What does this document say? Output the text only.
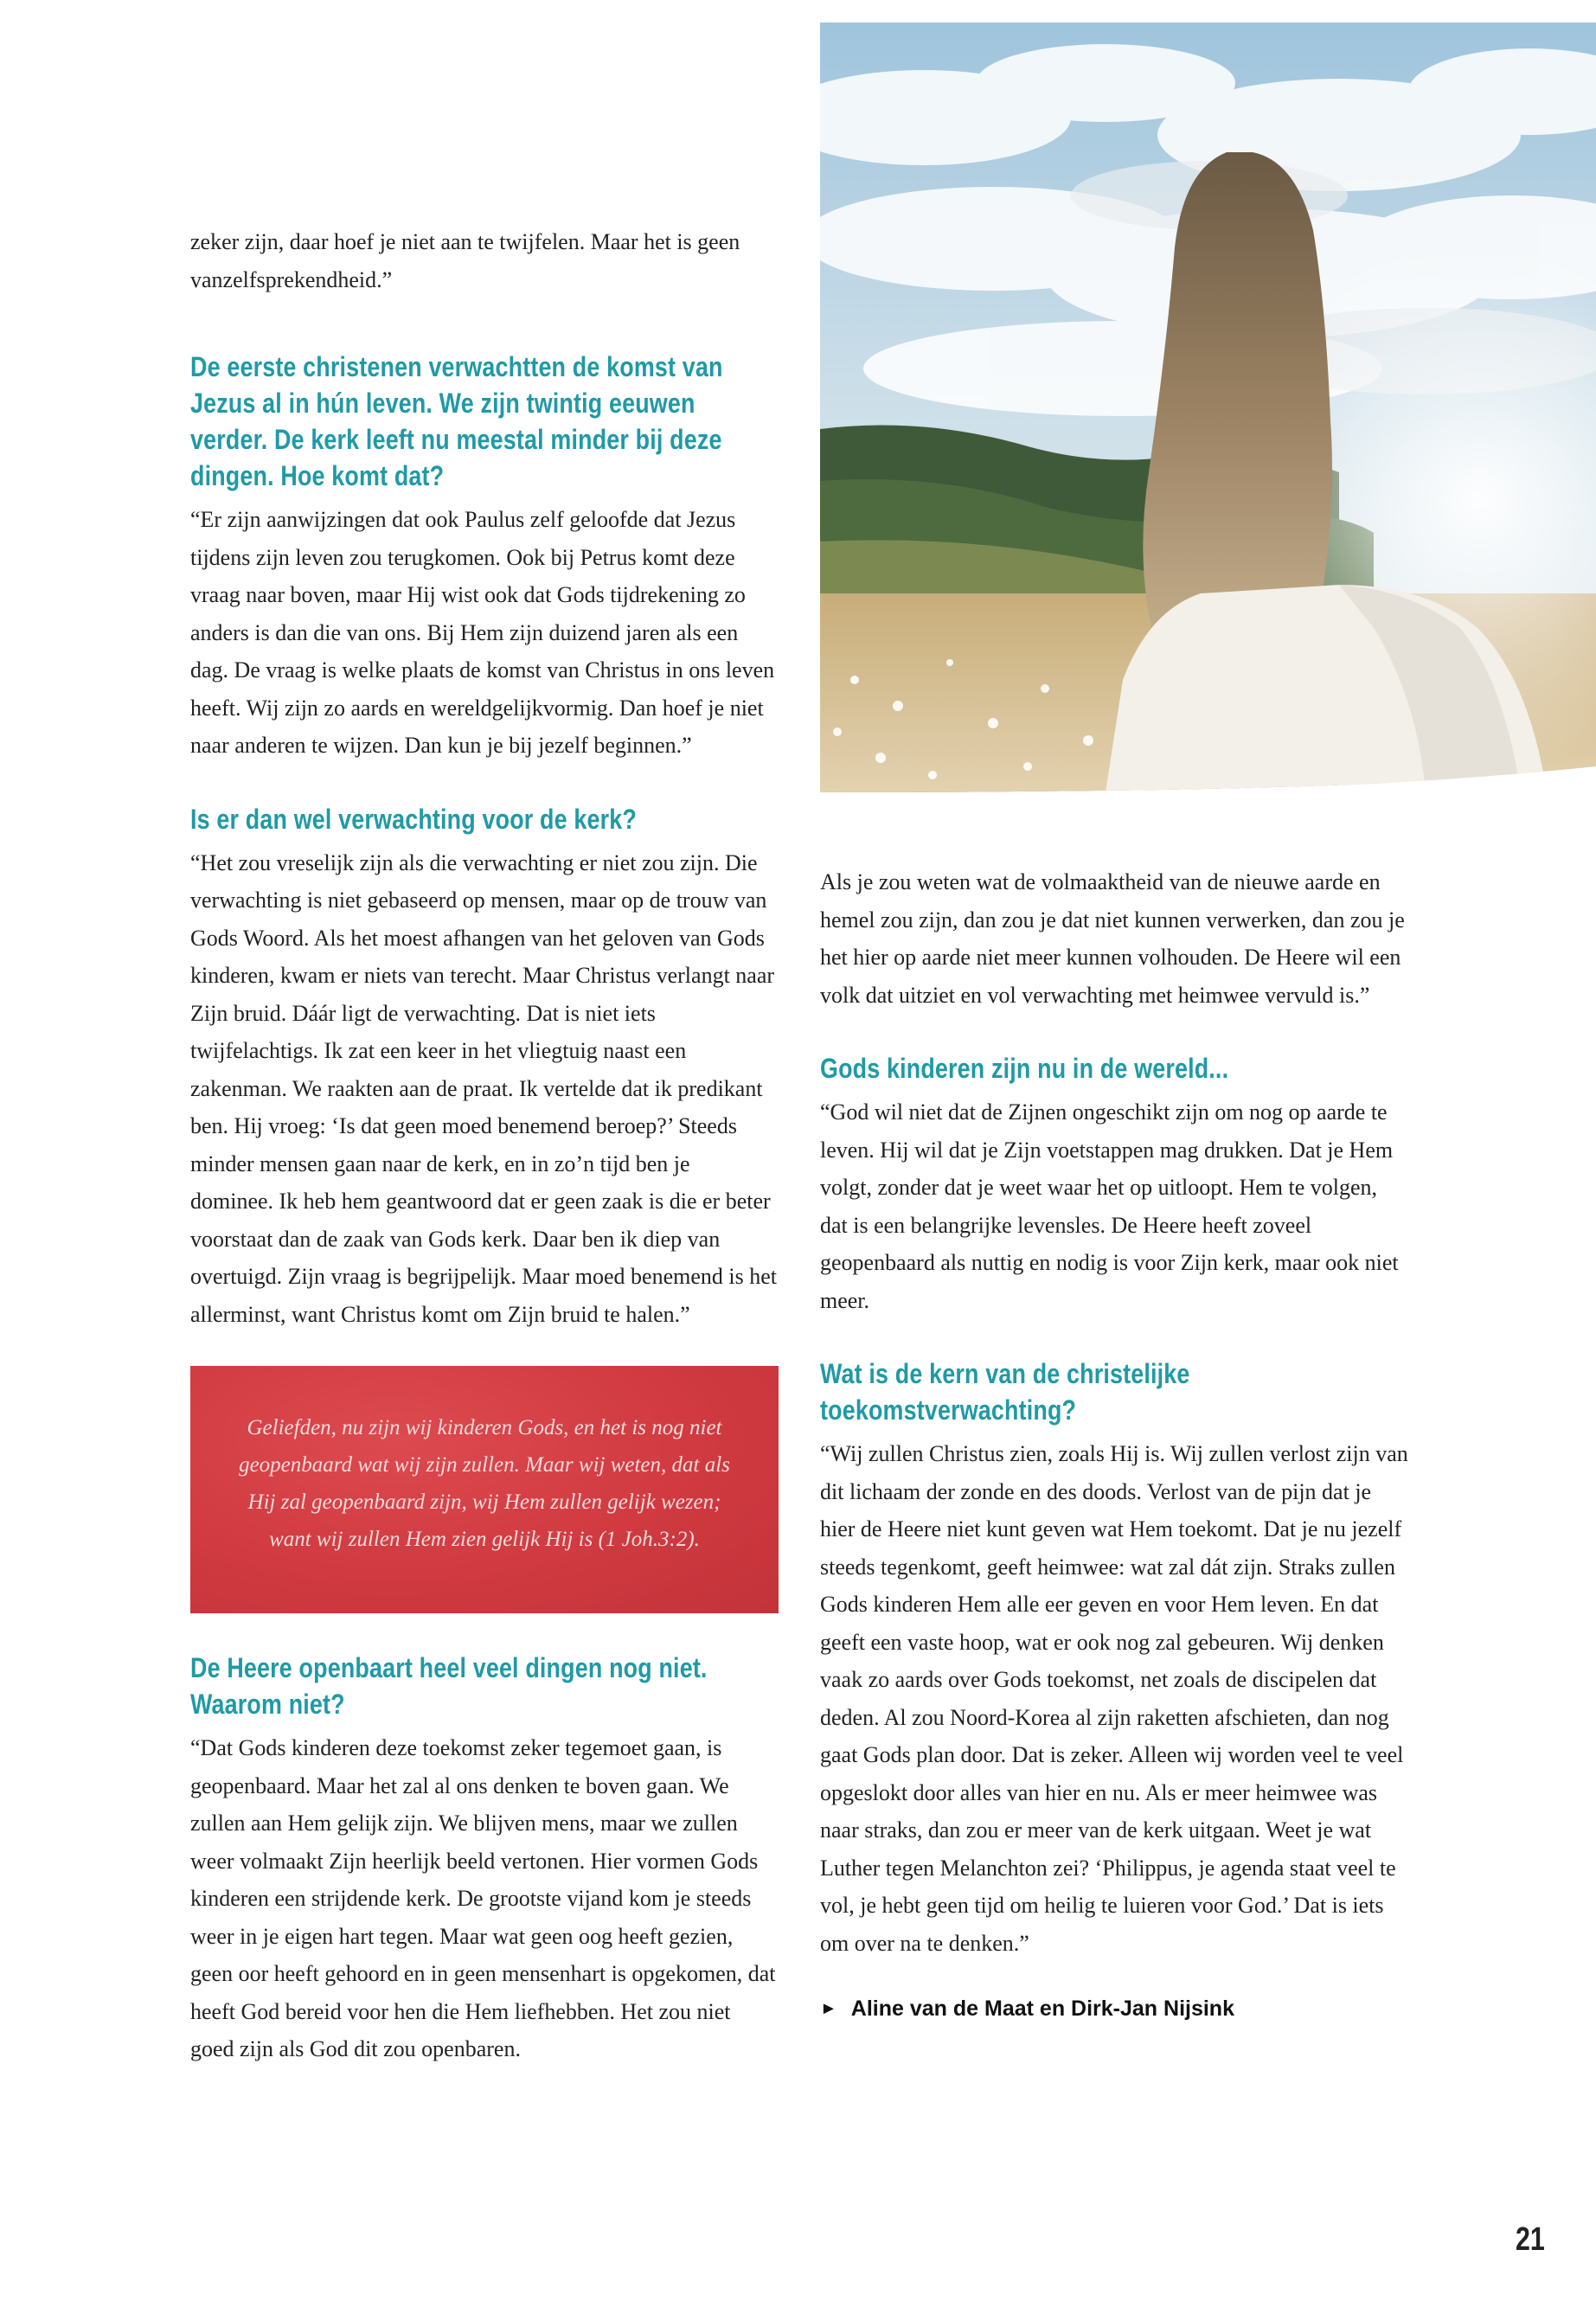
zeker zijn, daar hoef je niet aan te twijfelen. Maar het is geen vanzelfsprekendheid.”

De eerste christenen verwachtten de komst van Jezus al in hún leven. We zijn twintig eeuwen verder. De kerk leeft nu meestal minder bij deze dingen. Hoe komt dat?

“Er zijn aanwijzingen dat ook Paulus zelf geloofde dat Jezus tijdens zijn leven zou terugkomen. Ook bij Petrus komt deze vraag naar boven, maar Hij wist ook dat Gods tijdrekening zo anders is dan die van ons. Bij Hem zijn duizend jaren als een dag. De vraag is welke plaats de komst van Christus in ons leven heeft. Wij zijn zo aards en wereldgelijkvormig. Dan hoef je niet naar anderen te wijzen. Dan kun je bij jezelf beginnen.”

Is er dan wel verwachting voor de kerk?

“Het zou vreselijk zijn als die verwachting er niet zou zijn. Die verwachting is niet gebaseerd op mensen, maar op de trouw van Gods Woord. Als het moest afhangen van het geloven van Gods kinderen, kwam er niets van terecht. Maar Christus verlangt naar Zijn bruid. Dáár ligt de verwachting. Dat is niet iets twijfelachtigs. Ik zat een keer in het vliegtuig naast een zakenman. We raakten aan de praat. Ik vertelde dat ik predikant ben. Hij vroeg: ‘Is dat geen moed benemend beroep?’ Steeds minder mensen gaan naar de kerk, en in zo’n tijd ben je dominee. Ik heb hem geantwoord dat er geen zaak is die er beter voorstaat dan de zaak van Gods kerk. Daar ben ik diep van overtuigd. Zijn vraag is begrijpelijk. Maar moed benemend is het allerminst, want Christus komt om Zijn bruid te halen.”

Geliefden, nu zijn wij kinderen Gods, en het is nog niet geopenbaard wat wij zijn zullen. Maar wij weten, dat als Hij zal geopenbaard zijn, wij Hem zullen gelijk wezen; want wij zullen Hem zien gelijk Hij is (1 Joh.3:2).

De Heere openbaart heel veel dingen nog niet. Waarom niet?

“Dat Gods kinderen deze toekomst zeker tegemoet gaan, is geopenbaard. Maar het zal al ons denken te boven gaan. We zullen aan Hem gelijk zijn. We blijven mens, maar we zullen weer volmaakt Zijn heerlijk beeld vertonen. Hier vormen Gods kinderen een strijdende kerk. De grootste vijand kom je steeds weer in je eigen hart tegen. Maar wat geen oog heeft gezien, geen oor heeft gehoord en in geen mensenhart is opgekomen, dat heeft God bereid voor hen die Hem liefhebben. Het zou niet goed zijn als God dit zou openbaren.

Als je zou weten wat de volmaaktheid van de nieuwe aarde en hemel zou zijn, dan zou je dat niet kunnen verwerken, dan zou je het hier op aarde niet meer kunnen volhouden. De Heere wil een volk dat uitziet en vol verwachting met heimwee vervuld is.”

Gods kinderen zijn nu in de wereld...

“God wil niet dat de Zijnen ongeschikt zijn om nog op aarde te leven. Hij wil dat je Zijn voetstappen mag drukken. Dat je Hem volgt, zonder dat je weet waar het op uitloopt. Hem te volgen, dat is een belangrijke levensles. De Heere heeft zoveel geopenbaard als nuttig en nodig is voor Zijn kerk, maar ook niet meer.

Wat is de kern van de christelijke toekomstverwachting?

“Wij zullen Christus zien, zoals Hij is. Wij zullen verlost zijn van dit lichaam der zonde en des doods. Verlost van de pijn dat je hier de Heere niet kunt geven wat Hem toekomt. Dat je nu jezelf steeds tegenkomt, geeft heimwee: wat zal dát zijn. Straks zullen Gods kinderen Hem alle eer geven en voor Hem leven. En dat geeft een vaste hoop, wat er ook nog zal gebeuren. Wij denken vaak zo aards over Gods toekomst, net zoals de discipelen dat deden. Al zou Noord-Korea al zijn raketten afschieten, dan nog gaat Gods plan door. Dat is zeker. Alleen wij worden veel te veel opgeslokt door alles van hier en nu. Als er meer heimwee was naar straks, dan zou er meer van de kerk uitgaan. Weet je wat Luther tegen Melanchton zei? ‘Philippus, je agenda staat veel te vol, je hebt geen tijd om heilig te luieren voor God.’ Dat is iets om over na te denken.”

► Aline van de Maat en Dirk-Jan Nijsink
21
